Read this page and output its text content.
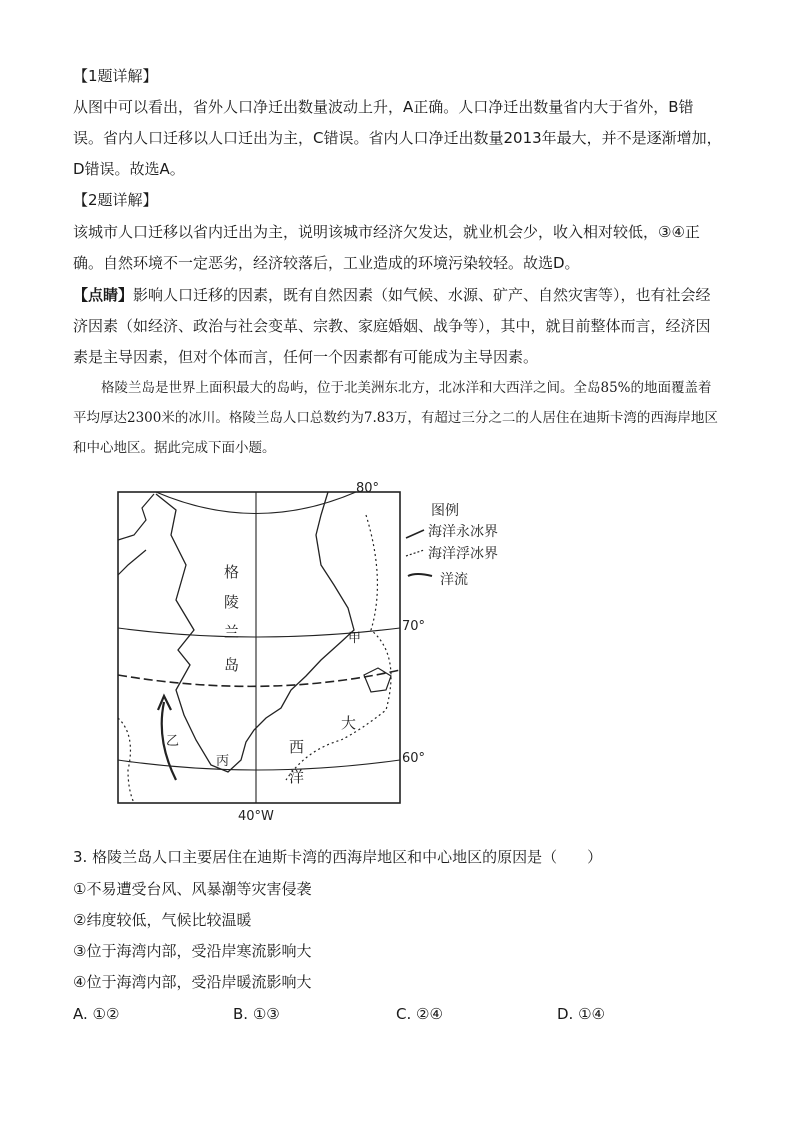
【1题详解】
从图中可以看出，省外人口净迁出数量波动上升，A正确。人口净迁出数量省内大于省外，B错误。省内人口迁移以人口迁出为主，C错误。省内人口净迁出数量2013年最大，并不是逐渐增加，D错误。故选A。
【2题详解】
该城市人口迁移以省内迁出为主，说明该城市经济欠发达，就业机会少，收入相对较低，③④正确。自然环境不一定恶劣，经济较落后，工业造成的环境污染较轻。故选D。
【点睛】影响人口迁移的因素，既有自然因素（如气候、水源、矿产、自然灾害等），也有社会经济因素（如经济、政治与社会变革、宗教、家庭婚姻、战争等），其中，就目前整体而言，经济因素是主导因素，但对个体而言，任何一个因素都有可能成为主导因素。
格陵兰岛是世界上面积最大的岛屿，位于北美洲东北方，北冰洋和大西洋之间。全岛85%的地面覆盖着平均厚达2300米的冰川。格陵兰岛人口总数约为7.83万，有超过三分之二的人居住在迪斯卡湾的西海岸地区和中心地区。据此完成下面小题。
80°
70°
60°
40°W
格
陵
兰
岛
大
西
洋
甲
乙
丙
图例
海洋永冰界
海洋浮冰界
洋流
3. 格陵兰岛人口主要居住在迪斯卡湾的西海岸地区和中心地区的原因是（　　）
①不易遭受台风、风暴潮等灾害侵袭
②纬度较低，气候比较温暖
③位于海湾内部，受沿岸寒流影响大
④位于海湾内部，受沿岸暖流影响大
A. ①②	B. ①③	C. ②④	D. ①④
